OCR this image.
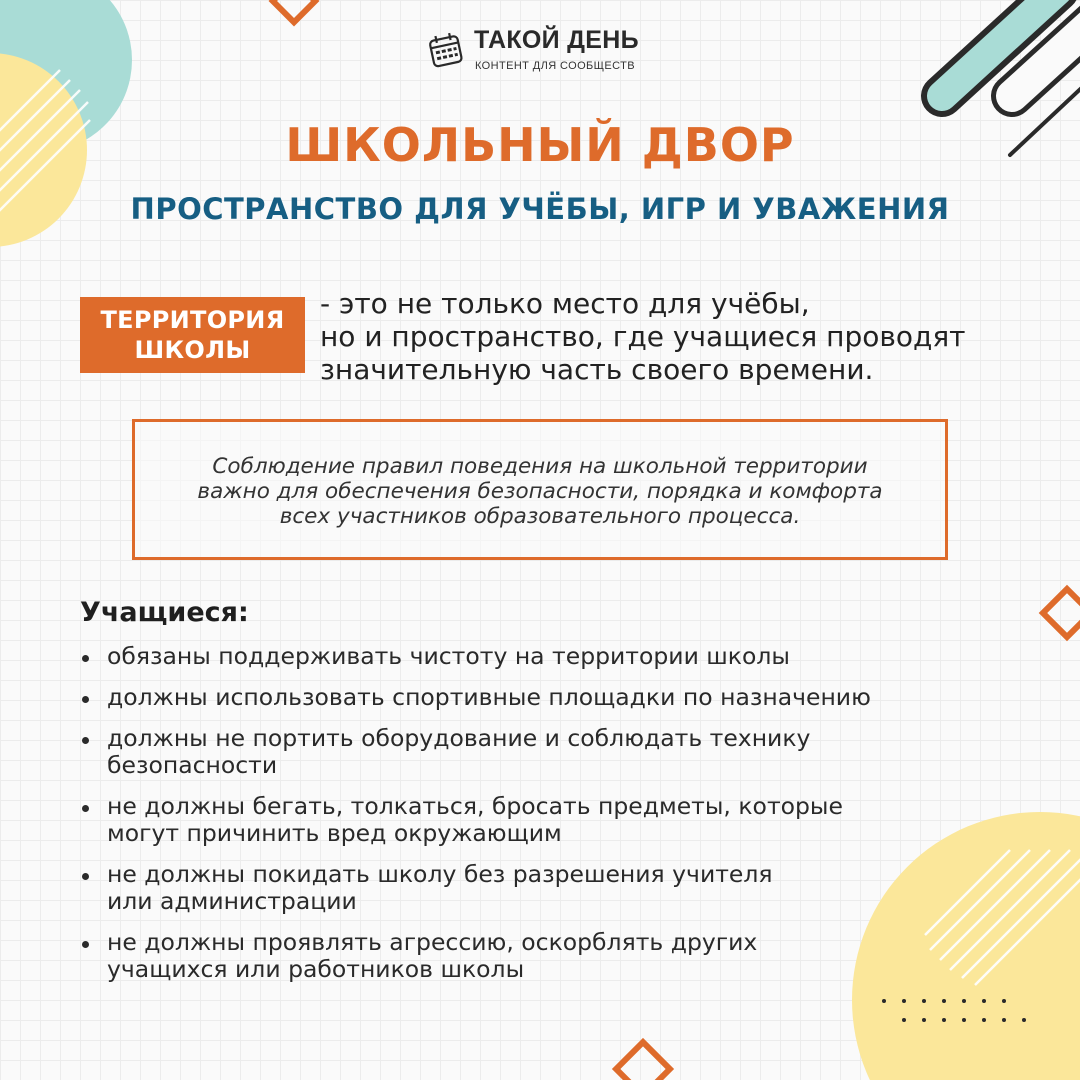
ТАКОЙ ДЕНЬ
КОНТЕНТ ДЛЯ СООБЩЕСТВ
ШКОЛЬНЫЙ ДВОР
ПРОСТРАНСТВО ДЛЯ УЧЁБЫ, ИГР И УВАЖЕНИЯ
ТЕРРИТОРИЯ
ШКОЛЫ
- это не только место для учёбы,
но и пространство, где учащиеся проводят
значительную часть своего времени.
Соблюдение правил поведения на школьной территории
важно для обеспечения безопасности, порядка и комфорта
всех участников образовательного процесса.
Учащиеся:
обязаны поддерживать чистоту на территории школы
должны использовать спортивные площадки по назначению
должны не портить оборудование и соблюдать технику
безопасности
не должны бегать, толкаться, бросать предметы, которые
могут причинить вред окружающим
не должны покидать школу без разрешения учителя
или администрации
не должны проявлять агрессию, оскорблять других
учащихся или работников школы
